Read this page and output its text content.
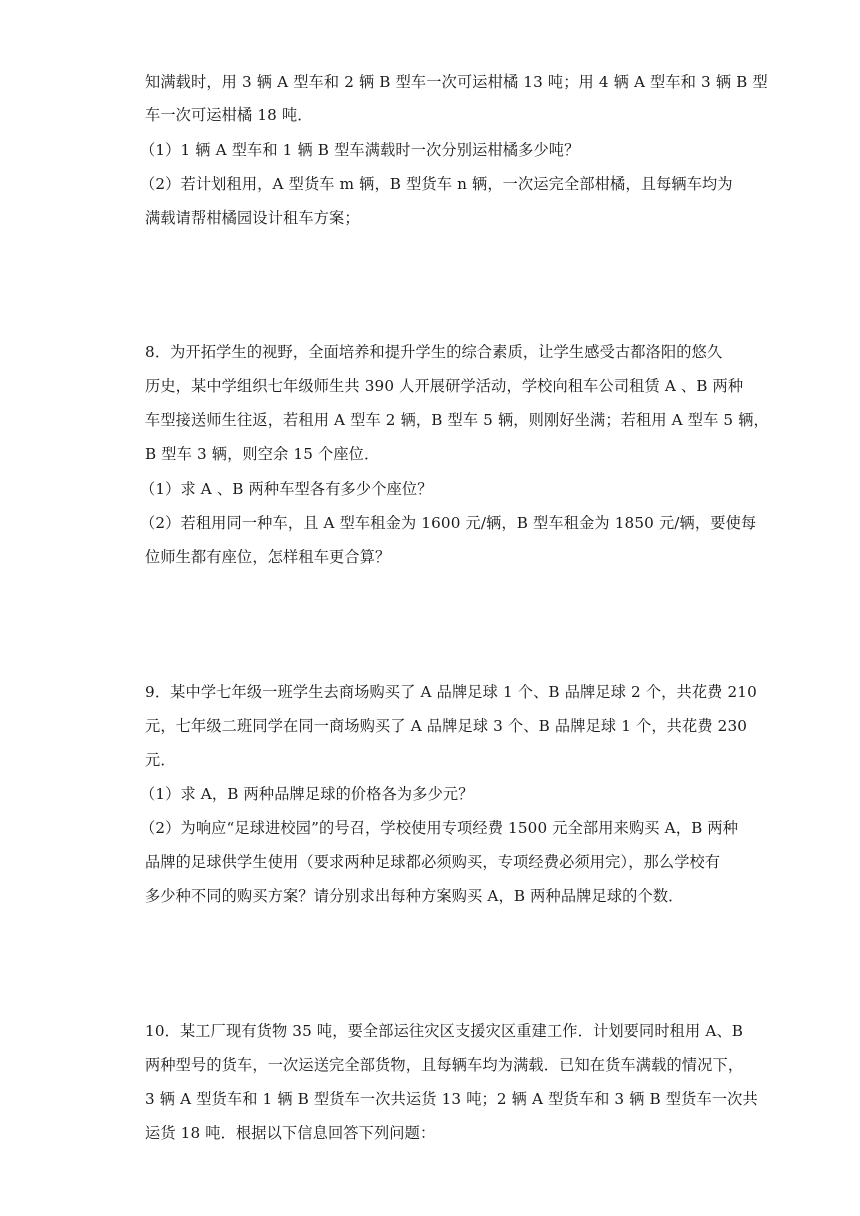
知满载时，用 3 辆 A 型车和 2 辆 B 型车一次可运柑橘 13 吨；用 4 辆 A 型车和 3 辆 B 型
车一次可运柑橘 18 吨．
（1）1 辆 A 型车和 1 辆 B 型车满载时一次分别运柑橘多少吨？
（2）若计划租用，A 型货车 m 辆，B 型货车 n 辆，一次运完全部柑橘，且每辆车均为
满载请帮柑橘园设计租车方案；
8．为开拓学生的视野，全面培养和提升学生的综合素质，让学生感受古都洛阳的悠久
历史，某中学组织七年级师生共 390 人开展研学活动，学校向租车公司租赁 A 、B 两种
车型接送师生往返，若租用 A 型车 2 辆，B 型车 5 辆，则刚好坐满；若租用 A 型车 5 辆，
B 型车 3 辆，则空余 15 个座位．
（1）求 A 、B 两种车型各有多少个座位？
（2）若租用同一种车，且 A 型车租金为 1600 元/辆，B 型车租金为 1850 元/辆，要使每
位师生都有座位，怎样租车更合算？
9．某中学七年级一班学生去商场购买了 A 品牌足球 1 个、B 品牌足球 2 个，共花费 210
元，七年级二班同学在同一商场购买了 A 品牌足球 3 个、B 品牌足球 1 个，共花费 230
元．
（1）求 A，B 两种品牌足球的价格各为多少元？
（2）为响应“足球进校园”的号召，学校使用专项经费 1500 元全部用来购买 A，B 两种
品牌的足球供学生使用（要求两种足球都必须购买，专项经费必须用完），那么学校有
多少种不同的购买方案？请分别求出每种方案购买 A，B 两种品牌足球的个数．
10．某工厂现有货物 35 吨，要全部运往灾区支援灾区重建工作．计划要同时租用 A、B
两种型号的货车，一次运送完全部货物，且每辆车均为满载．已知在货车满载的情况下，
3 辆 A 型货车和 1 辆 B 型货车一次共运货 13 吨；2 辆 A 型货车和 3 辆 B 型货车一次共
运货 18 吨．根据以下信息回答下列问题：
